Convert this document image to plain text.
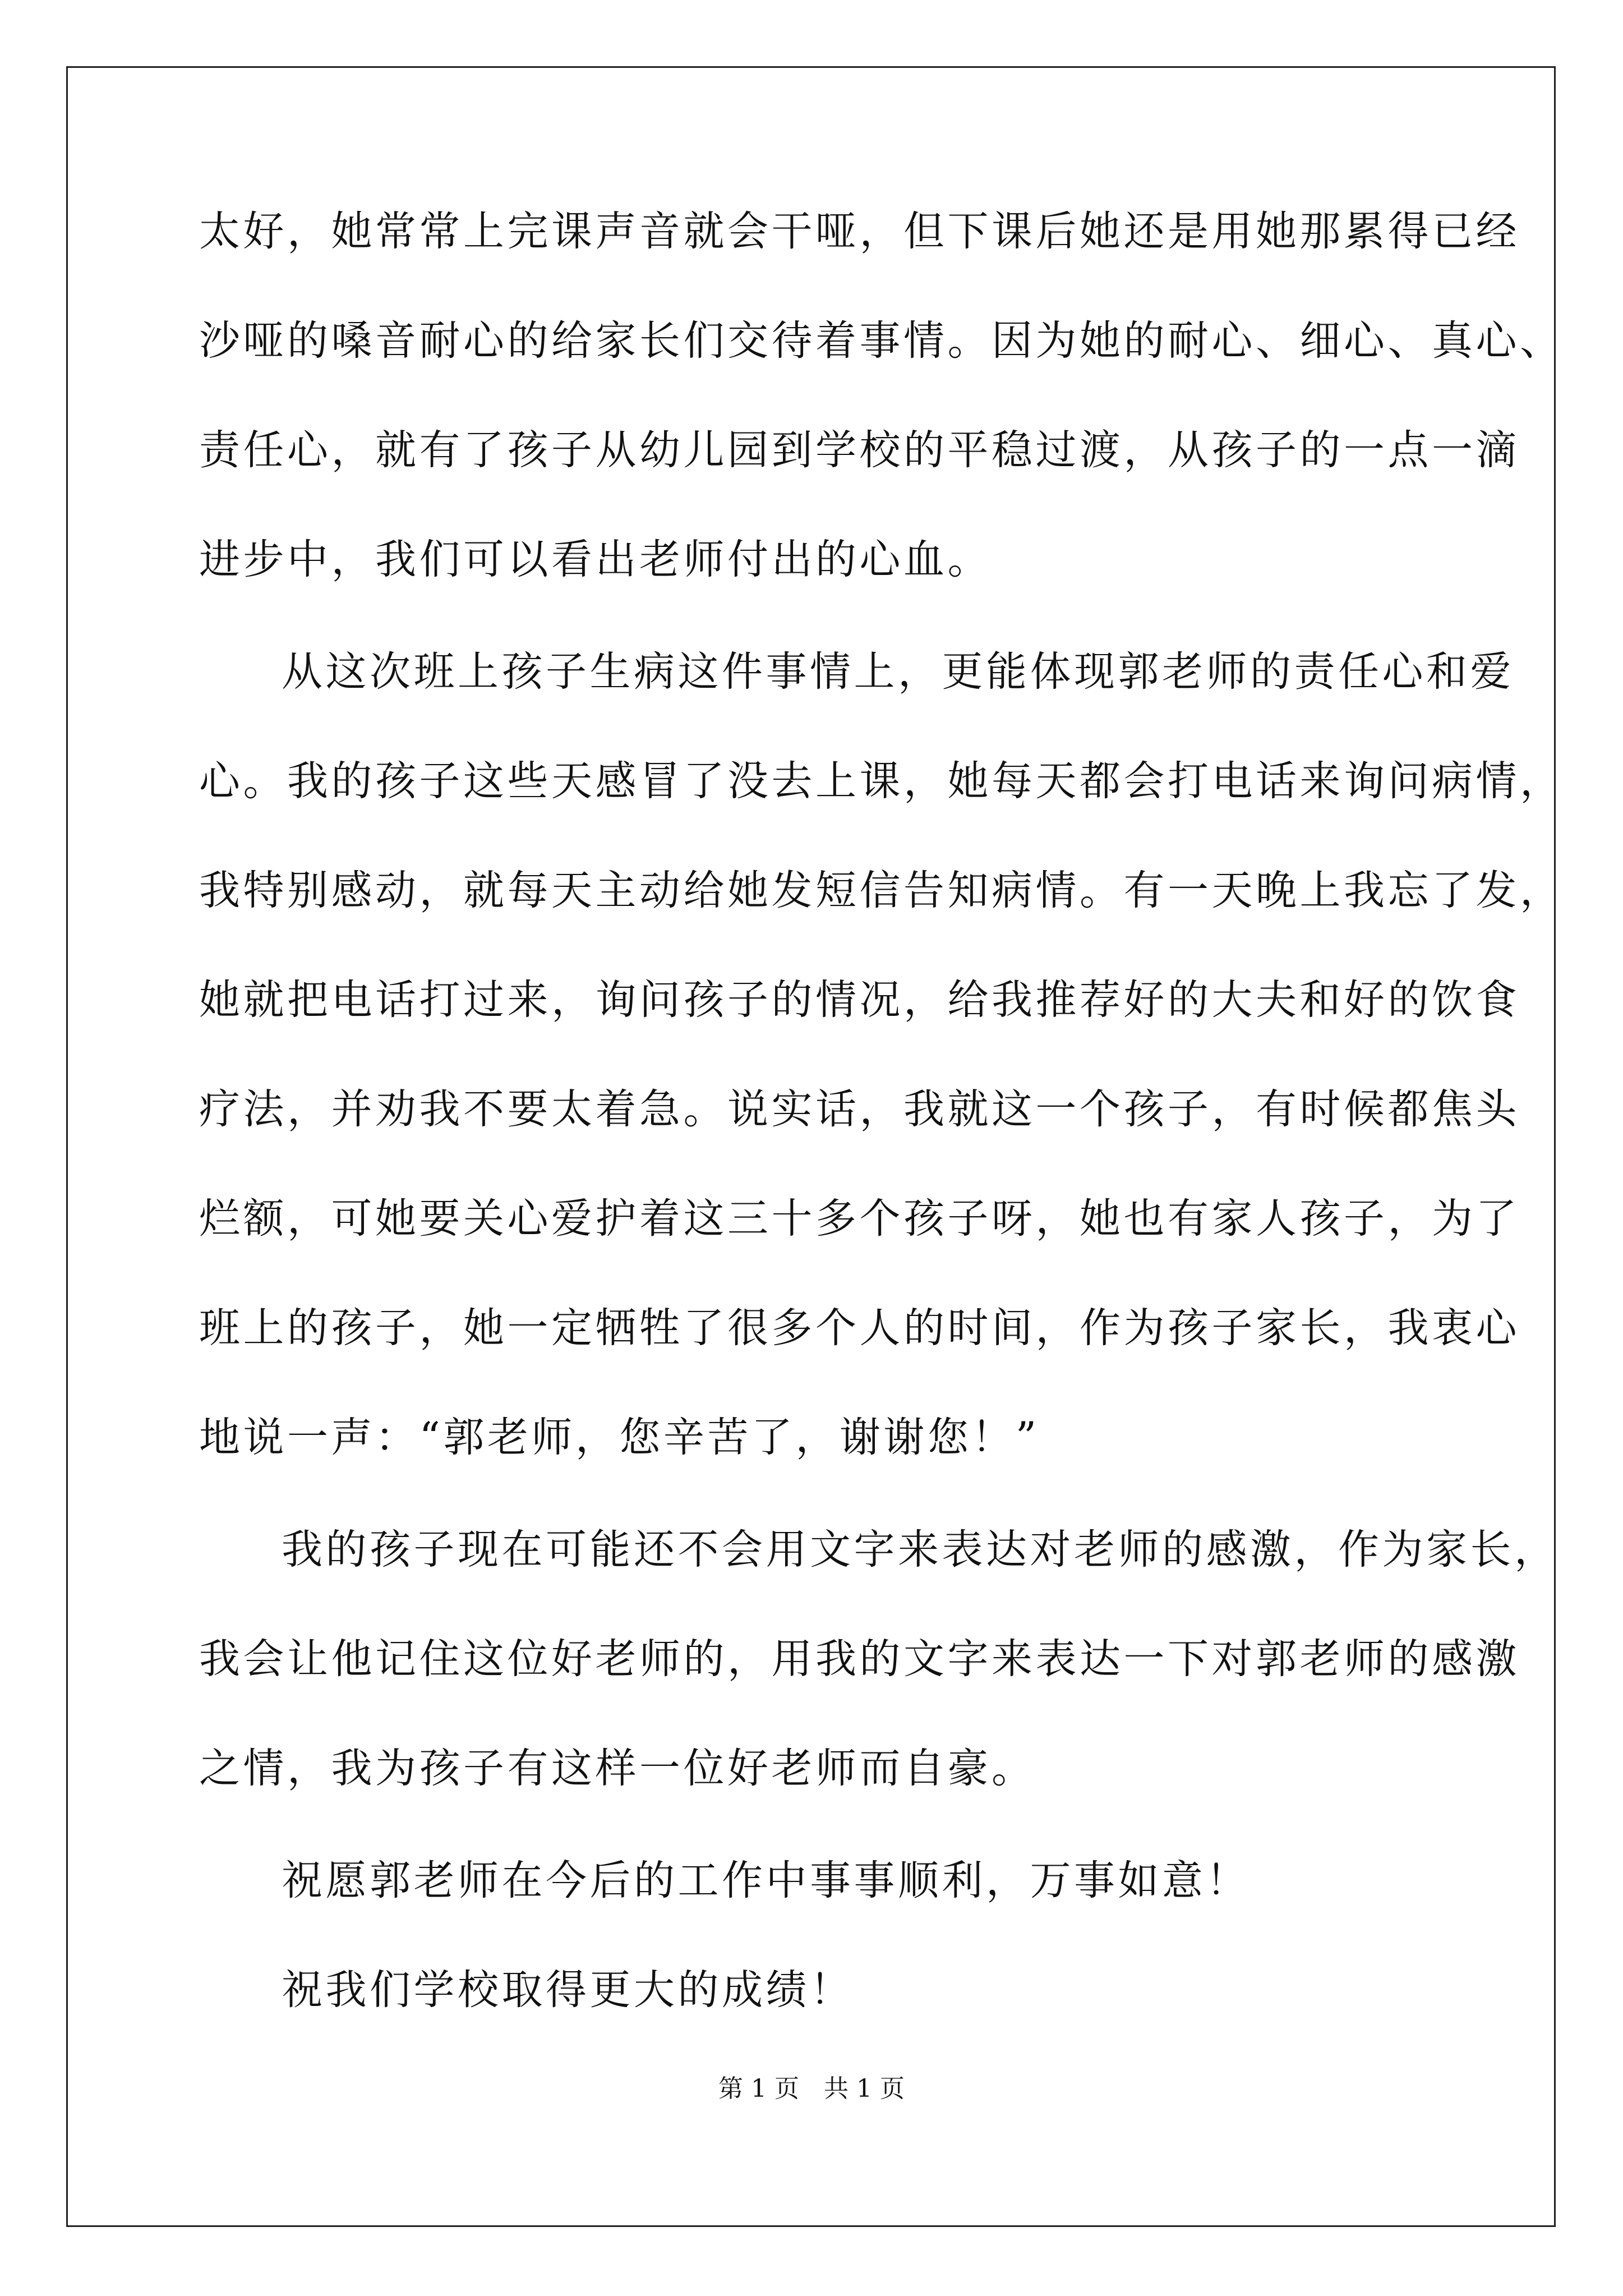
太好，她常常上完课声音就会干哑，但下课后她还是用她那累得已经
沙哑的嗓音耐心的给家长们交待着事情。因为她的耐心、细心、真心、
责任心，就有了孩子从幼儿园到学校的平稳过渡，从孩子的一点一滴
进步中，我们可以看出老师付出的心血。
从这次班上孩子生病这件事情上，更能体现郭老师的责任心和爱
心。我的孩子这些天感冒了没去上课，她每天都会打电话来询问病情，
我特别感动，就每天主动给她发短信告知病情。有一天晚上我忘了发，
她就把电话打过来，询问孩子的情况，给我推荐好的大夫和好的饮食
疗法，并劝我不要太着急。说实话，我就这一个孩子，有时候都焦头
烂额，可她要关心爱护着这三十多个孩子呀，她也有家人孩子，为了
班上的孩子，她一定牺牲了很多个人的时间，作为孩子家长，我衷心
地说一声：“郭老师，您辛苦了，谢谢您！”
我的孩子现在可能还不会用文字来表达对老师的感激，作为家长，
我会让他记住这位好老师的，用我的文字来表达一下对郭老师的感激
之情，我为孩子有这样一位好老师而自豪。
祝愿郭老师在今后的工作中事事顺利，万事如意！
祝我们学校取得更大的成绩！
第 1 页　共 1 页
